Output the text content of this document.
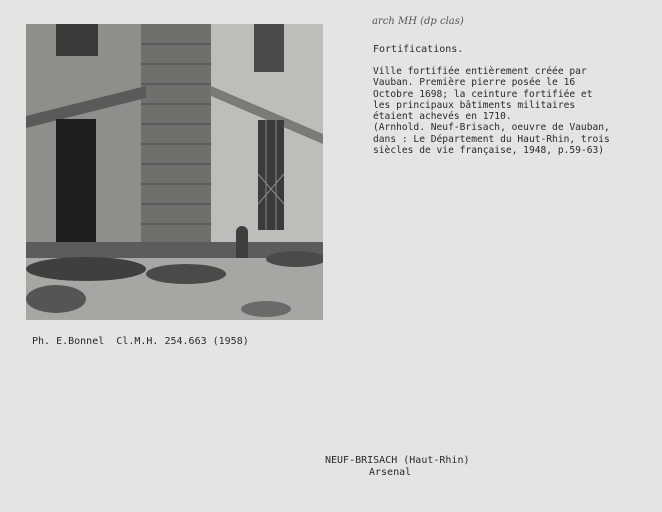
arch MH (dp clas)
Fortifications.
Ville fortifiée entièrement créée par
Vauban. Première pierre posée le 16
Octobre 1698; la ceinture fortifiée et
les principaux bâtiments militaires
étaient achevés en 1710.
(Arnhold. Neuf-Brisach, oeuvre de Vauban,
dans : Le Département du Haut-Rhin, trois
siècles de vie française, 1948, p.59-63)
Ph. E.Bonnel Cl.M.H. 254.663 (1958)
NEUF-BRISACH (Haut-Rhin)
Arsenal
